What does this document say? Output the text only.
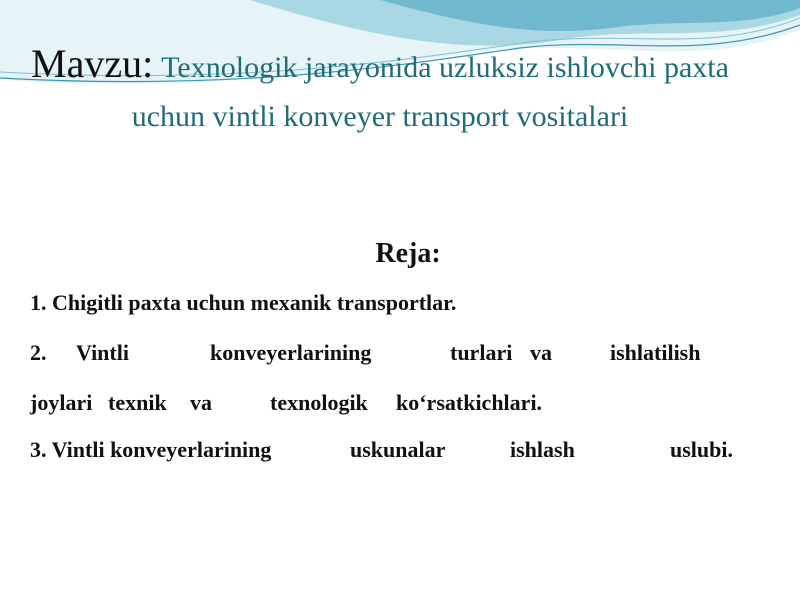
Mavzu: Texnologik jarayonida uzluksiz ishlovchi paxta uchun vintli konveyer transport vositalari
Reja:
1. Chigitli paxta uchun mexanik transportlar.
2. Vintli	konveyerlarining	turlari va	ishlatilish
joylari texnik va	texnologik ko‘rsatkichlari.
3. Vintli konveyerlarining	uskunalar	ishlash	uslubi.
